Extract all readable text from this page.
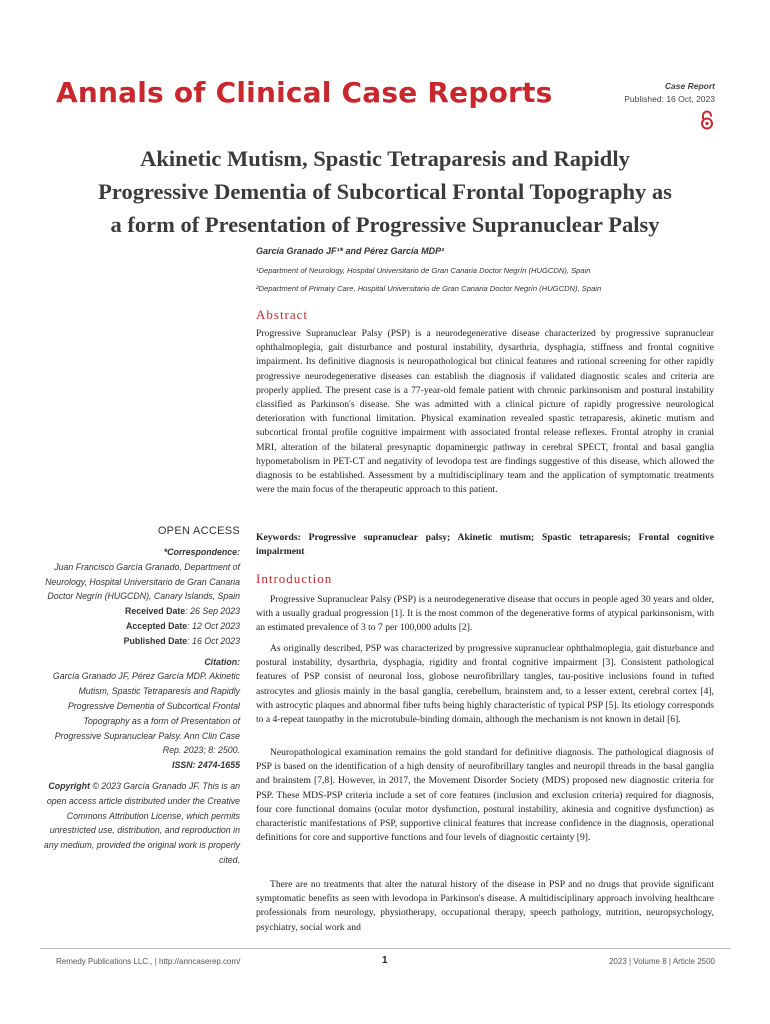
Annals of Clinical Case Reports	Case Report
Published: 16 Oct, 2023
Akinetic Mutism, Spastic Tetraparesis and Rapidly
Progressive Dementia of Subcortical Frontal Topography as
a form of Presentation of Progressive Supranuclear Palsy
García Granado JF¹* and Pérez García MDP²
¹Department of Neurology, Hospital Universitario de Gran Canaria Doctor Negrín (HUGCDN), Spain
²Department of Primary Care, Hospital Universitario de Gran Canaria Doctor Negrín (HUGCDN), Spain
Abstract

Progressive Supranuclear Palsy (PSP) is a neurodegenerative disease characterized by progressive supranuclear ophthalmoplegia, gait disturbance and postural instability, dysarthria, dysphagia, stiffness and frontal cognitive impairment. Its definitive diagnosis is neuropathological but clinical features and rational screening for other rapidly progressive neurodegenerative diseases can establish the diagnosis if validated diagnostic scales and criteria are properly applied. The present case is a 77-year-old female patient with chronic parkinsonism and postural instability classified as Parkinson's disease. She was admitted with a clinical picture of rapidly progressive neurological deterioration with functional limitation. Physical examination revealed spastic tetraparesis, akinetic mutism and subcortical frontal profile cognitive impairment with associated frontal release reflexes. Frontal atrophy in cranial MRI, alteration of the bilateral presynaptic dopaminergic pathway in cerebral SPECT, frontal and basal ganglia hypometabolism in PET-CT and negativity of levodopa test are findings suggestive of this disease, which allowed the diagnosis to be established. Assessment by a multidisciplinary team and the application of symptomatic treatments were the main focus of the therapeutic approach to this patient.

Keywords: Progressive supranuclear palsy; Akinetic mutism; Spastic tetraparesis; Frontal cognitive impairment

Introduction

Progressive Supranuclear Palsy (PSP) is a neurodegenerative disease that occurs in people aged 30 years and older, with a usually gradual progression [1]. It is the most common of the degenerative forms of atypical parkinsonism, with an estimated prevalence of 3 to 7 per 100,000 adults [2].

As originally described, PSP was characterized by progressive supranuclear ophthalmoplegia, gait disturbance and postural instability, dysarthria, dysphagia, rigidity and frontal cognitive impairment [3]. Consistent pathological features of PSP consist of neuronal loss, globose neurofibrillary tangles, tau-positive inclusions found in tufted astrocytes and gliosis mainly in the basal ganglia, cerebellum, brainstem and, to a lesser extent, cerebral cortex [4], with astrocytic plaques and abnormal fiber tufts being highly characteristic of typical PSP [5]. Its etiology corresponds to a 4-repeat tauopathy in the microtubule-binding domain, although the mechanism is not known in detail [6].

Neuropathological examination remains the gold standard for definitive diagnosis. The pathological diagnosis of PSP is based on the identification of a high density of neurofibrillary tangles and neuropil threads in the basal ganglia and brainstem [7,8]. However, in 2017, the Movement Disorder Society (MDS) proposed new diagnostic criteria for PSP. These MDS-PSP criteria include a set of core features (inclusion and exclusion criteria) required for diagnosis, four core functional domains (ocular motor dysfunction, postural instability, akinesia and cognitive dysfunction) as characteristic manifestations of PSP, supportive clinical features that increase confidence in the diagnosis, operational definitions for core and supportive functions and four levels of diagnostic certainty [9].

There are no treatments that alter the natural history of the disease in PSP and no drugs that provide significant symptomatic benefits as seen with levodopa in Parkinson's disease. A multidisciplinary approach involving healthcare professionals from neurology, physiotherapy, occupational therapy, speech pathology, nutrition, neuropsychology, psychiatry, social work and

OPEN ACCESS
*Correspondence:
Juan Francisco García Granado, Department of Neurology, Hospital Universitario de Gran Canaria Doctor Negrín (HUGCDN), Canary Islands, Spain
Received Date: 26 Sep 2023
Accepted Date: 12 Oct 2023
Published Date: 16 Oct 2023
Citation:
García Granado JF, Pérez García MDP. Akinetic Mutism, Spastic Tetraparesis and Rapidly Progressive Dementia of Subcortical Frontal Topography as a form of Presentation of Progressive Supranuclear Palsy. Ann Clin Case Rep. 2023; 8: 2500.
ISSN: 2474-1655
Copyright © 2023 García Granado JF. This is an open access article distributed under the Creative Commons Attribution License, which permits unrestricted use, distribution, and reproduction in any medium, provided the original work is properly cited.
Remedy Publications LLC., | http://anncaserep.com/	1	2023 | Volume 8 | Article 2500
